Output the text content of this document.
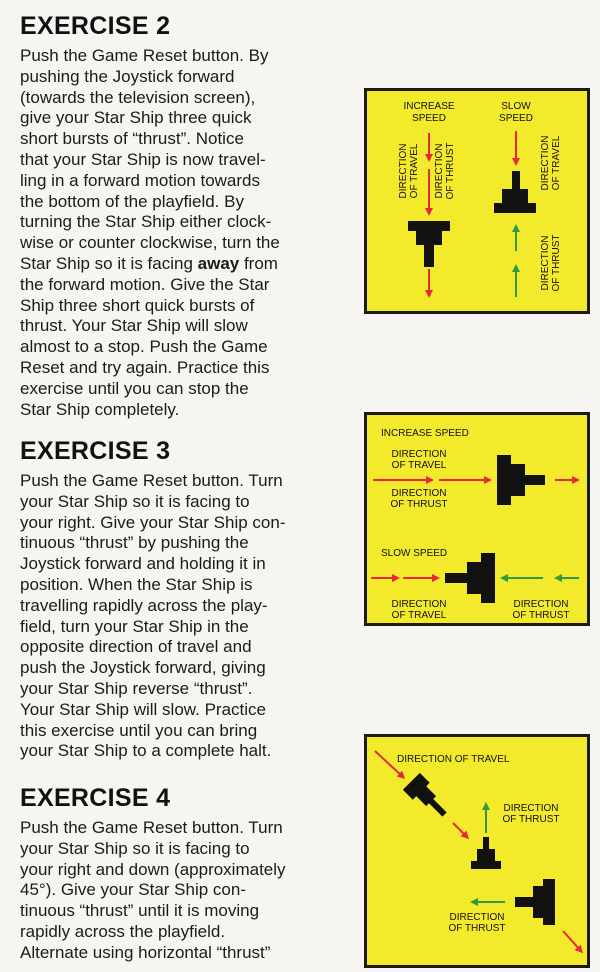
EXERCISE 2

Push the Game Reset button. By
pushing the Joystick forward
(towards the television screen),
give your Star Ship three quick
short bursts of “thrust”. Notice
that your Star Ship is now travel-
ling in a forward motion towards
the bottom of the playfield. By
turning the Star Ship either clock-
wise or counter clockwise, turn the
Star Ship so it is facing away from
the forward motion. Give the Star
Ship three short quick bursts of
thrust. Your Star Ship will slow
almost to a stop. Push the Game
Reset and try again. Practice this
exercise until you can stop the
Star Ship completely.

INCREASE
SPEED
SLOW
SPEED
DIRECTION OF TRAVEL DIRECTION OF THRUST	DIRECTION OF TRAVEL
DIRECTION OF THRUST
EXERCISE 3

Push the Game Reset button. Turn
your Star Ship so it is facing to
your right. Give your Star Ship con-
tinuous “thrust” by pushing the
Joystick forward and holding it in
position. When the Star Ship is
travelling rapidly across the play-
field, turn your Star Ship in the
opposite direction of travel and
push the Joystick forward, giving
your Star Ship reverse “thrust”.
Your Star Ship will slow. Practice
this exercise until you can bring
your Star Ship to a complete halt.

INCREASE SPEED
DIRECTION
OF TRAVEL
DIRECTION
OF THRUST
SLOW SPEED
DIRECTION
OF TRAVEL
DIRECTION
OF THRUST
EXERCISE 4

Push the Game Reset button. Turn
your Star Ship so it is facing to
your right and down (approximately
45°). Give your Star Ship con-
tinuous “thrust” until it is moving
rapidly across the playfield.
Alternate using horizontal “thrust”

DIRECTION OF TRAVEL
DIRECTION
OF THRUST
DIRECTION
OF THRUST
